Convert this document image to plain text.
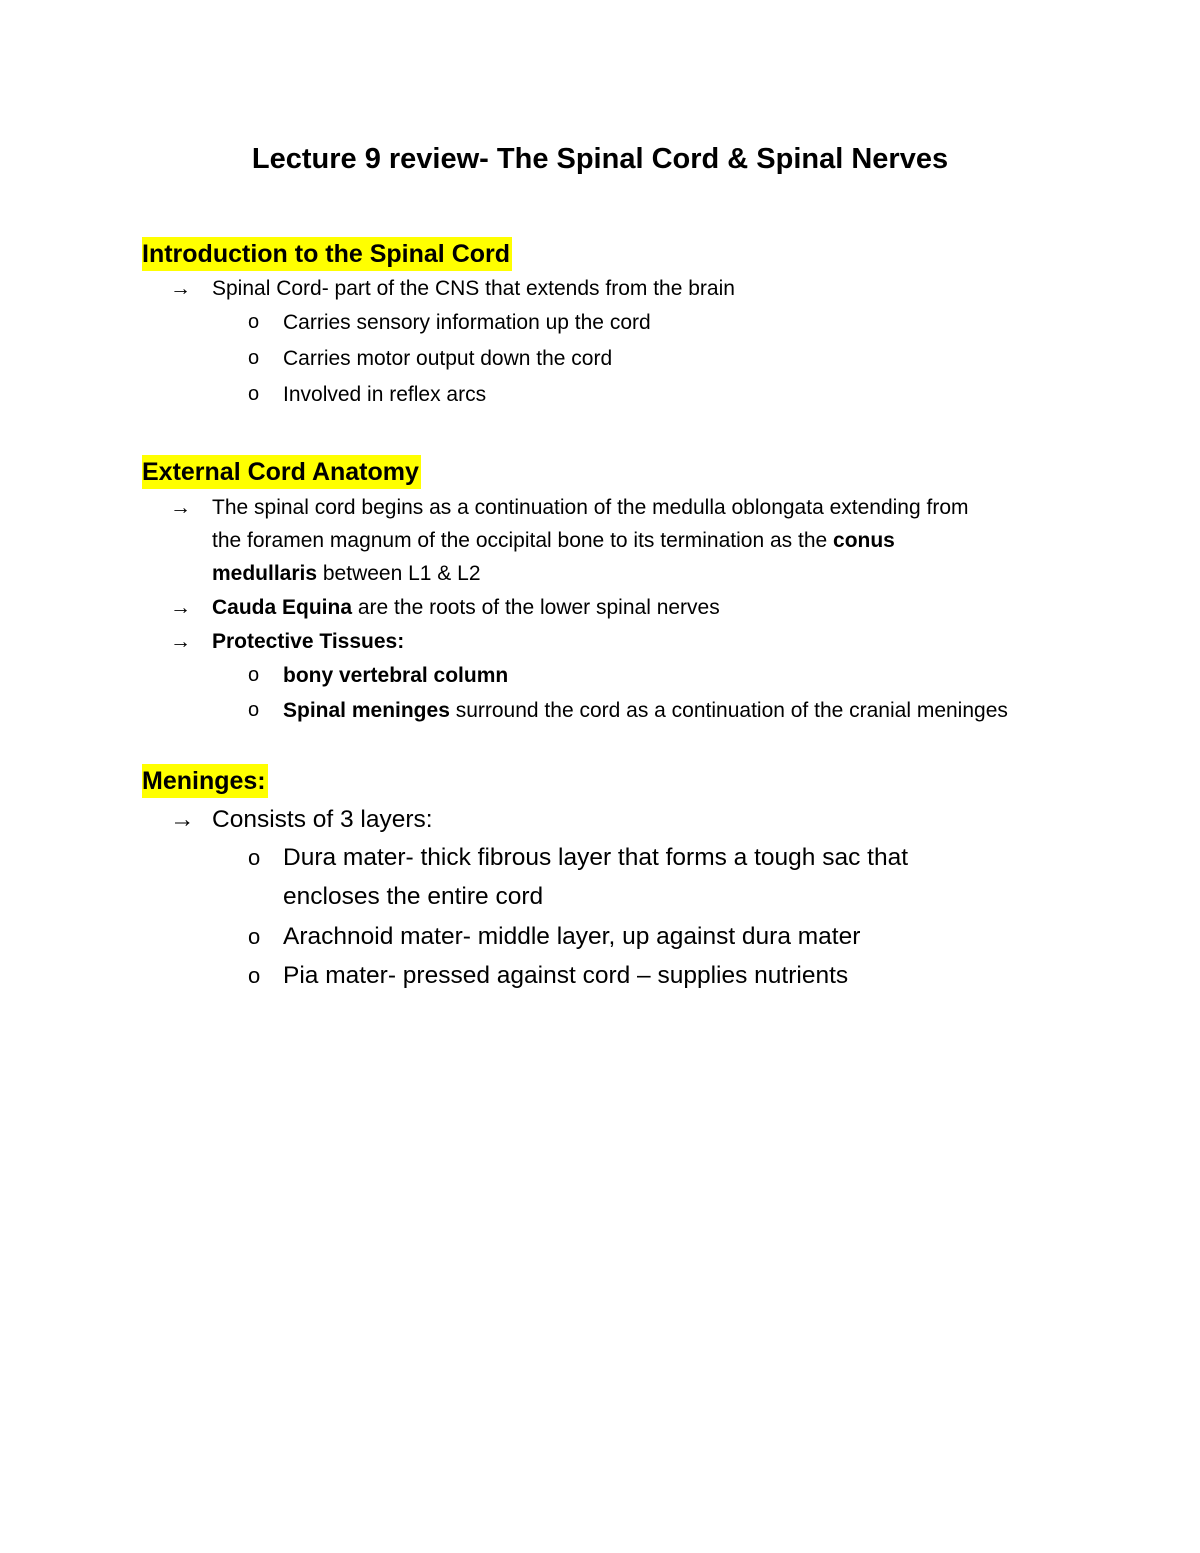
Lecture 9 review- The Spinal Cord & Spinal Nerves
Introduction to the Spinal Cord
→	Spinal Cord- part of the CNS that extends from the brain
o Carries sensory information up the cord
o Carries motor output down the cord
o Involved in reflex arcs
External Cord Anatomy
→	The spinal cord begins as a continuation of the medulla oblongata extending from the foramen magnum of the occipital bone to its termination as the conus medullaris between L1 & L2
→	Cauda Equina are the roots of the lower spinal nerves
→	Protective Tissues:
o bony vertebral column
o Spinal meninges surround the cord as a continuation of the cranial meninges
Meninges:
→ Consists of 3 layers:
o Dura mater- thick fibrous layer that forms a tough sac that encloses the entire cord
o Arachnoid mater- middle layer, up against dura mater
o Pia mater- pressed against cord – supplies nutrients
